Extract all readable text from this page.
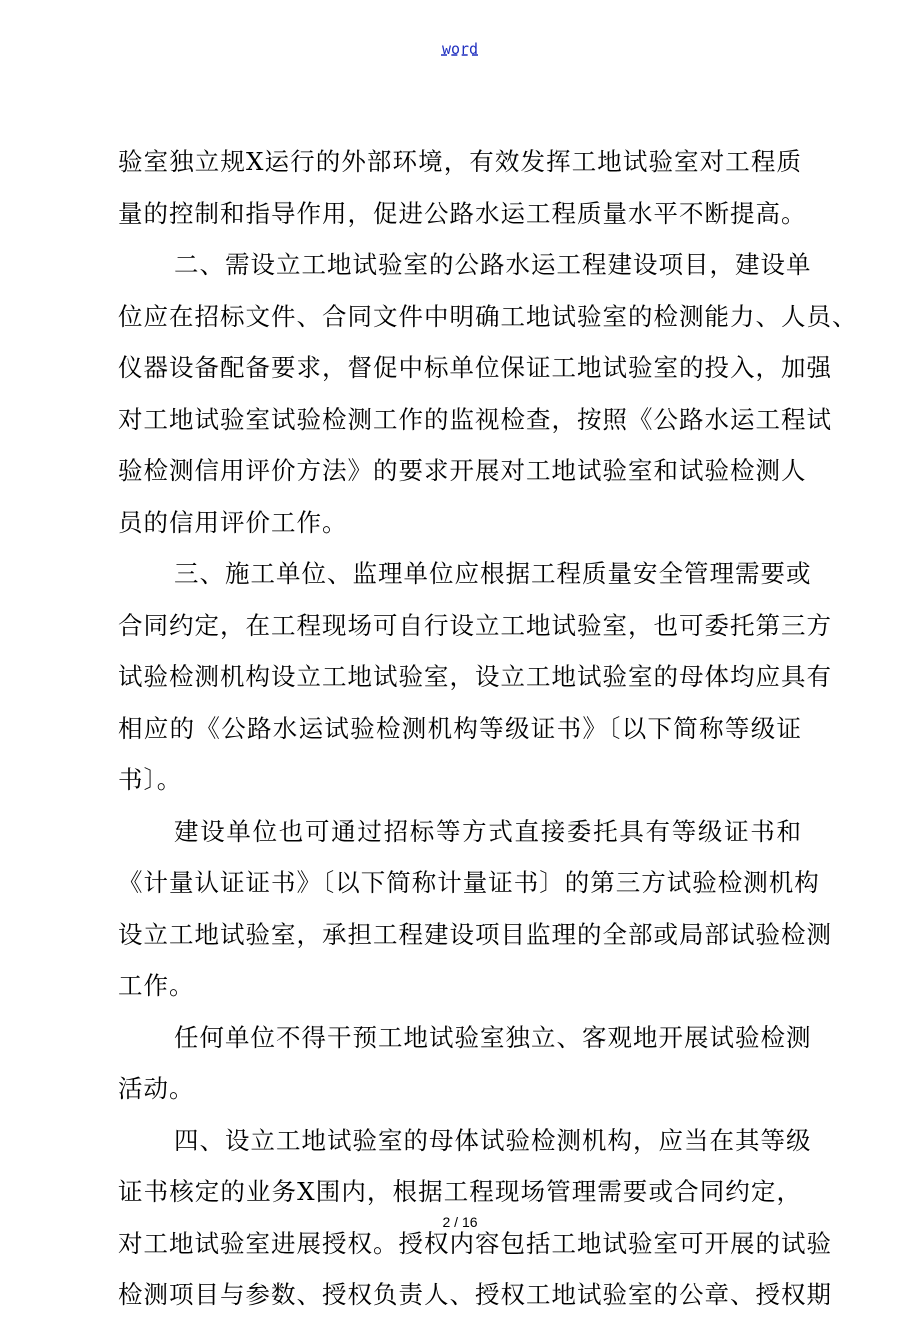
word
验室独立规X运行的外部环境，有效发挥工地试验室对工程质
量的控制和指导作用，促进公路水运工程质量水平不断提高。
二、需设立工地试验室的公路水运工程建设项目，建设单
位应在招标文件、合同文件中明确工地试验室的检测能力、人员、
仪器设备配备要求，督促中标单位保证工地试验室的投入，加强
对工地试验室试验检测工作的监视检查，按照《公路水运工程试
验检测信用评价方法》的要求开展对工地试验室和试验检测人
员的信用评价工作。
三、施工单位、监理单位应根据工程质量安全管理需要或
合同约定，在工程现场可自行设立工地试验室，也可委托第三方
试验检测机构设立工地试验室，设立工地试验室的母体均应具有
相应的《公路水运试验检测机构等级证书》〔以下简称等级证
书〕。
建设单位也可通过招标等方式直接委托具有等级证书和
《计量认证证书》〔以下简称计量证书〕的第三方试验检测机构
设立工地试验室，承担工程建设项目监理的全部或局部试验检测
工作。
任何单位不得干预工地试验室独立、客观地开展试验检测
活动。
四、设立工地试验室的母体试验检测机构，应当在其等级
证书核定的业务X围内，根据工程现场管理需要或合同约定，
对工地试验室进展授权。授权内容包括工地试验室可开展的试验
检测项目与参数、授权负责人、授权工地试验室的公章、授权期
2 / 16
